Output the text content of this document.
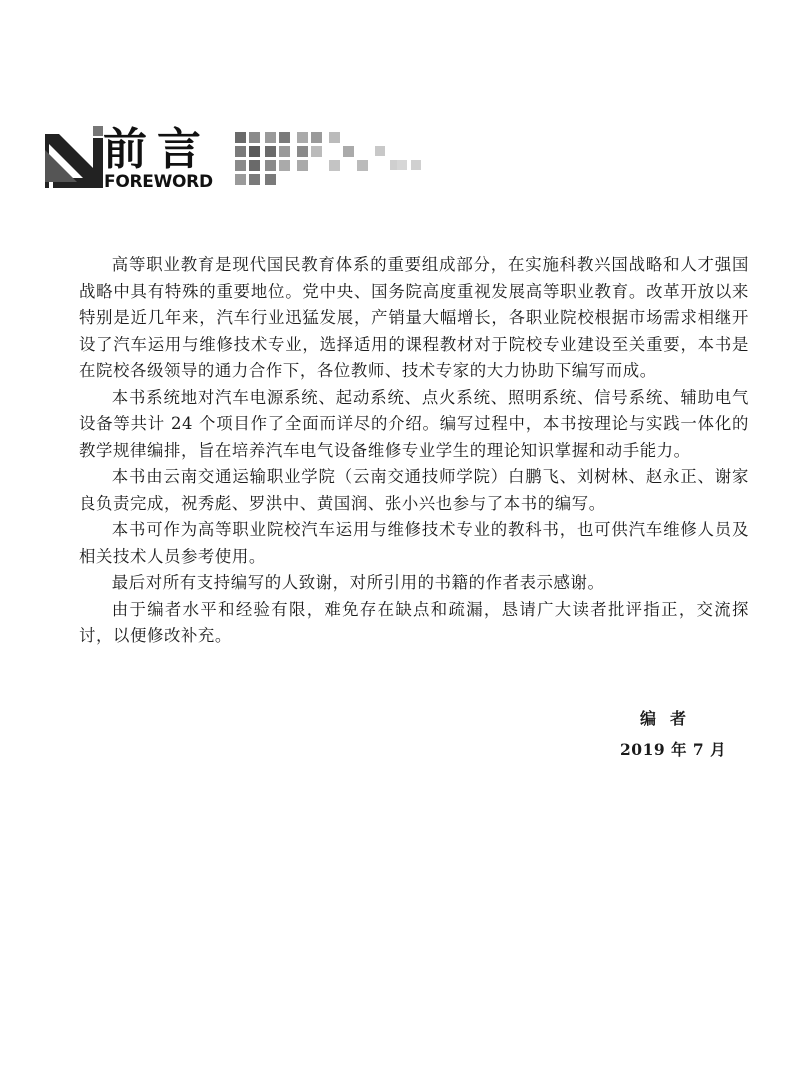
前言
FOREWORD

高等职业教育是现代国民教育体系的重要组成部分，在实施科教兴国战略和人才强国战略中具有特殊的重要地位。党中央、国务院高度重视发展高等职业教育。改革开放以来特别是近几年来，汽车行业迅猛发展，产销量大幅增长，各职业院校根据市场需求相继开设了汽车运用与维修技术专业，选择适用的课程教材对于院校专业建设至关重要，本书是在院校各级领导的通力合作下，各位教师、技术专家的大力协助下编写而成。

本书系统地对汽车电源系统、起动系统、点火系统、照明系统、信号系统、辅助电气设备等共计 24 个项目作了全面而详尽的介绍。编写过程中，本书按理论与实践一体化的教学规律编排，旨在培养汽车电气设备维修专业学生的理论知识掌握和动手能力。

本书由云南交通运输职业学院（云南交通技师学院）白鹏飞、刘树林、赵永正、谢家良负责完成，祝秀彪、罗洪中、黄国润、张小兴也参与了本书的编写。

本书可作为高等职业院校汽车运用与维修技术专业的教科书，也可供汽车维修人员及相关技术人员参考使用。

最后对所有支持编写的人致谢，对所引用的书籍的作者表示感谢。

由于编者水平和经验有限，难免存在缺点和疏漏，恳请广大读者批评指正，交流探讨，以便修改补充。

编者
2019 年 7 月
